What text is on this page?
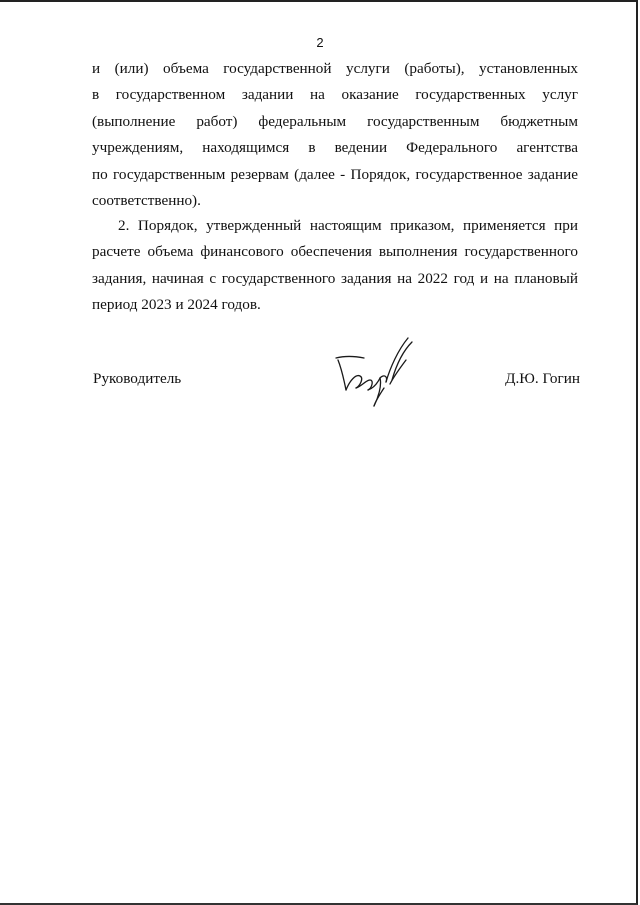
2
и (или) объема государственной услуги (работы), установленных
в государственном задании на оказание государственных услуг
(выполнение работ) федеральным государственным бюджетным
учреждениям, находящимся в ведении Федерального агентства
по государственным резервам (далее - Порядок, государственное задание
соответственно).
2. Порядок, утвержденный настоящим приказом, применяется при
расчете объема финансового обеспечения выполнения государственного
задания, начиная с государственного задания на 2022 год и на плановый
период 2023 и 2024 годов.
Руководитель	Д.Ю. Гогин
